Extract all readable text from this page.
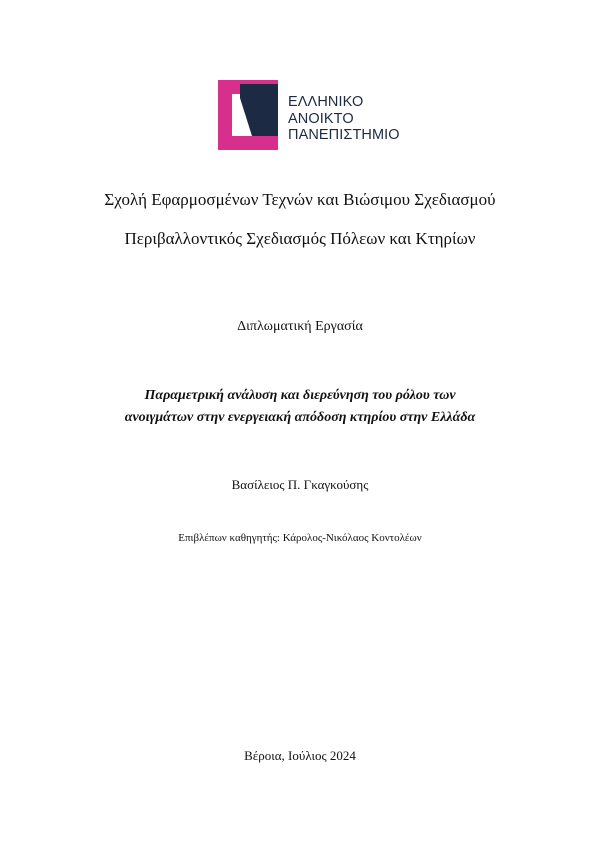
ΕΛΛΗΝΙΚΟ
ΑΝΟΙΚΤΟ
ΠΑΝΕΠΙΣΤΗΜΙΟ
Σχολή Εφαρμοσμένων Τεχνών και Βιώσιμου Σχεδιασμού
Περιβαλλοντικός Σχεδιασμός Πόλεων και Κτηρίων
Διπλωματική Εργασία
Παραμετρική ανάλυση και διερεύνηση του ρόλου των
ανοιγμάτων στην ενεργειακή απόδοση κτηρίου στην Ελλάδα
Βασίλειος Π. Γκαγκούσης
Επιβλέπων καθηγητής: Κάρολος-Νικόλαος Κοντολέων
Βέροια, Ιούλιος 2024
